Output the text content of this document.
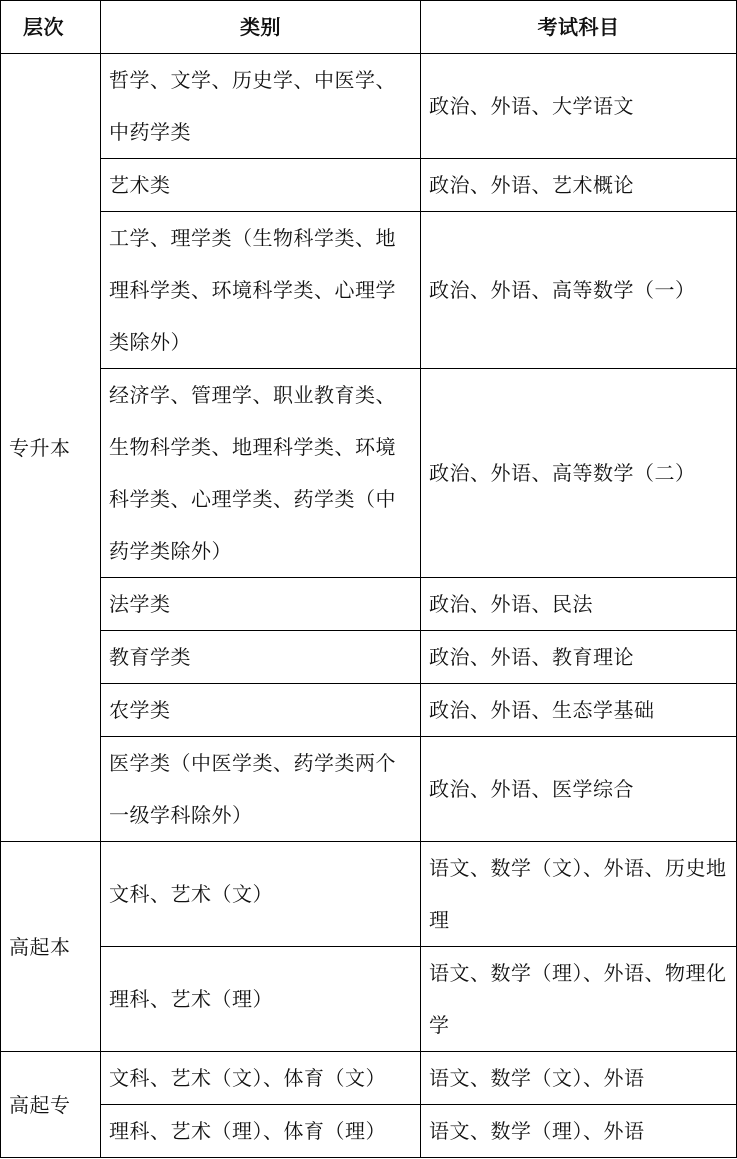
层次	类别	考试科目
专升本	哲学、文学、历史学、中医学、中药学类	政治、外语、大学语文
	艺术类	政治、外语、艺术概论
	工学、理学类（生物科学类、地理科学类、环境科学类、心理学类除外）	政治、外语、高等数学（一）
	经济学、管理学、职业教育类、生物科学类、地理科学类、环境科学类、心理学类、药学类（中药学类除外）	政治、外语、高等数学（二）
	法学类	政治、外语、民法
	教育学类	政治、外语、教育理论
	农学类	政治、外语、生态学基础
	医学类（中医学类、药学类两个一级学科除外）	政治、外语、医学综合
高起本	文科、艺术（文）	语文、数学（文）、外语、历史地理
	理科、艺术（理）	语文、数学（理）、外语、物理化学
高起专	文科、艺术（文）、体育（文）	语文、数学（文）、外语
	理科、艺术（理）、体育（理）	语文、数学（理）、外语
